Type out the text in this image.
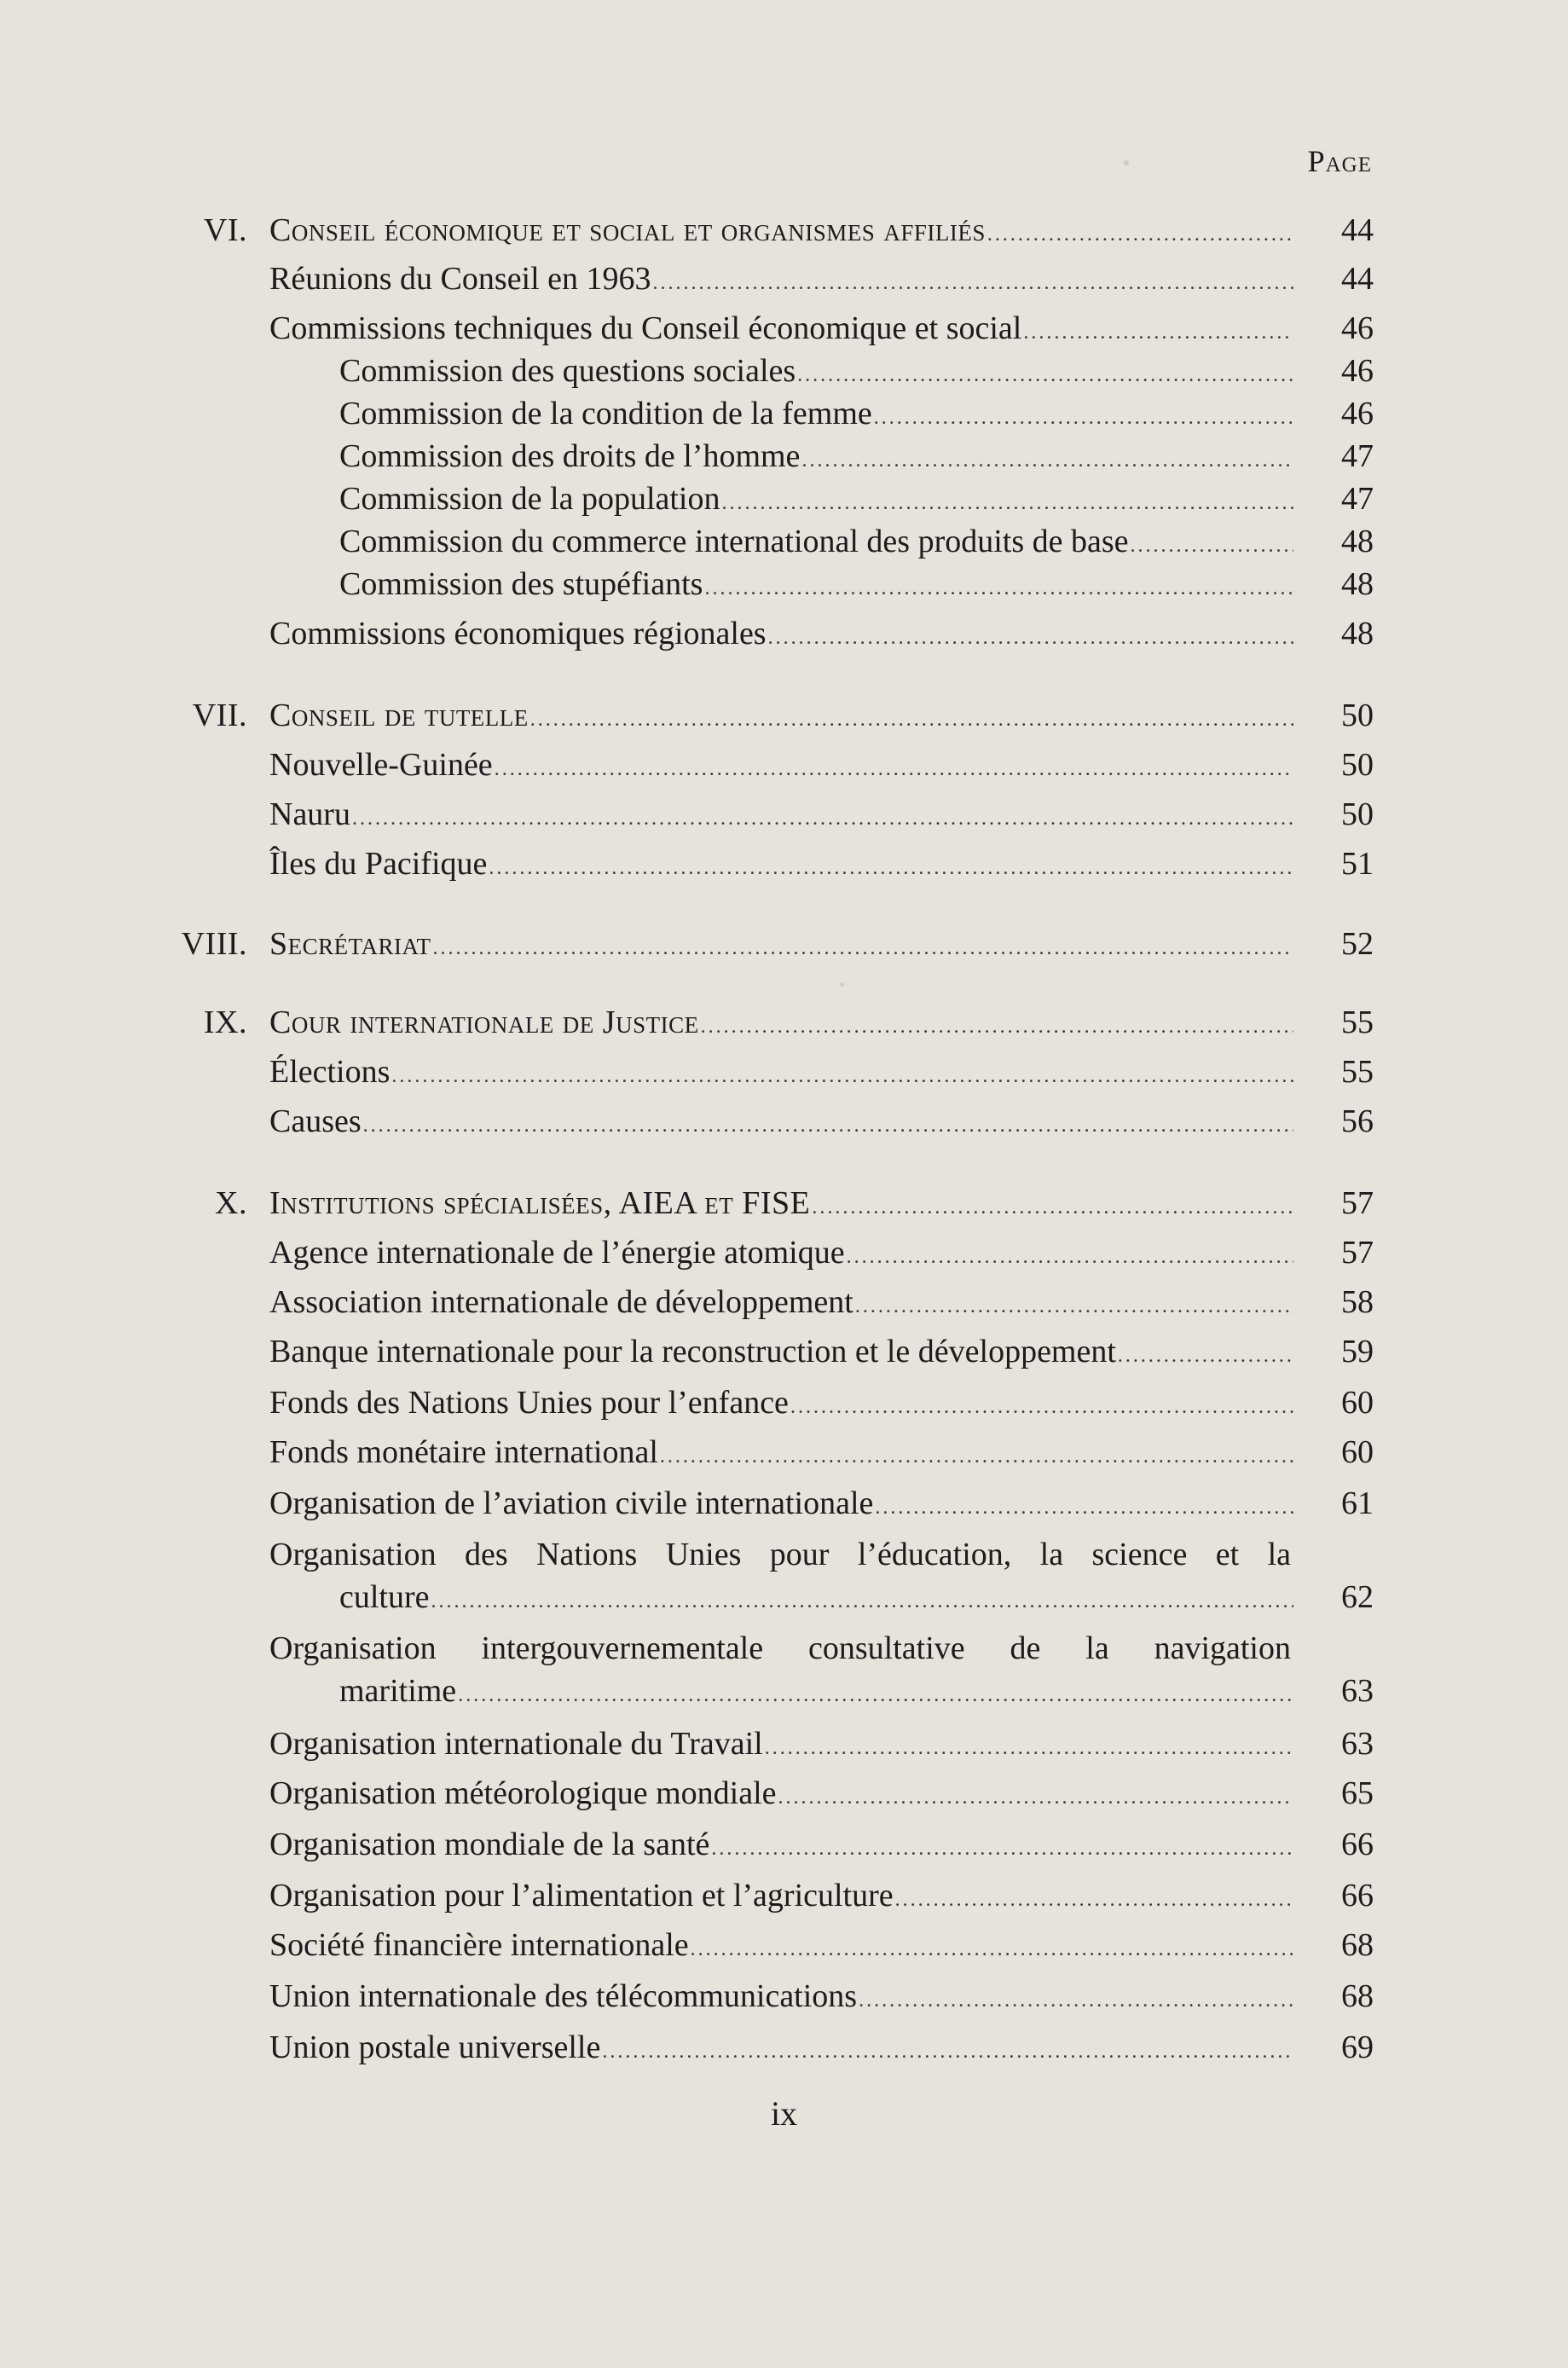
Page
VI. Conseil économique et social et organismes affiliés .....	44
Réunions du Conseil en 1963 .....	44
Commissions techniques du Conseil économique et social .....	46
Commission des questions sociales .....	46
Commission de la condition de la femme .....	46
Commission des droits de l’homme .....	47
Commission de la population .....	47
Commission du commerce international des produits de base .....	48
Commission des stupéfiants .....	48
Commissions économiques régionales .....	48
VII. Conseil de tutelle .....	50
Nouvelle-Guinée .....	50
Nauru .....	50
Îles du Pacifique .....	51
VIII. Secrétariat .....	52
IX. Cour internationale de Justice .....	55
Élections .....	55
Causes .....	56
X. Institutions spécialisées, AIEA et FISE .....	57
Agence internationale de l’énergie atomique .....	57
Association internationale de développement .....	58
Banque internationale pour la reconstruction et le développement .....	59
Fonds des Nations Unies pour l’enfance .....	60
Fonds monétaire international .....	60
Organisation de l’aviation civile internationale .....	61
Organisation des Nations Unies pour l’éducation, la science et la
culture .....	62
Organisation intergouvernementale consultative de la navigation
maritime .....	63
Organisation internationale du Travail .....	63
Organisation météorologique mondiale .....	65
Organisation mondiale de la santé .....	66
Organisation pour l’alimentation et l’agriculture .....	66
Société financière internationale .....	68
Union internationale des télécommunications .....	68
Union postale universelle .....	69
ix
